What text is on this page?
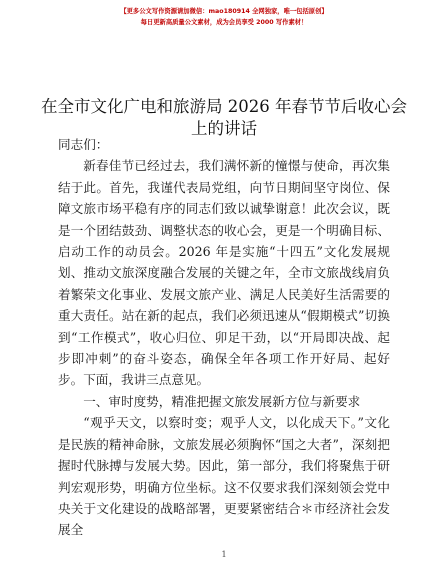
【更多公文写作资源请加微信：mao180914 全网独家，唯一包括原创】
每日更新高质量公文素材，成为会员享受 2000 写作素材！
在全市文化广电和旅游局 2026 年春节节后收心会上的讲话

同志们：

新春佳节已经过去，我们满怀新的憧憬与使命，再次集结于此。首先，我谨代表局党组，向节日期间坚守岗位、保障文旅市场平稳有序的同志们致以诚挚谢意！此次会议，既是一个团结鼓劲、调整状态的收心会，更是一个明确目标、启动工作的动员会。2026 年是实施“十四五”文化发展规划、推动文旅深度融合发展的关键之年，全市文旅战线肩负着繁荣文化事业、发展文旅产业、满足人民美好生活需要的重大责任。站在新的起点，我们必须迅速从“假期模式”切换到“工作模式”，收心归位、卯足干劲，以“开局即决战、起步即冲刺”的奋斗姿态，确保全年各项工作开好局、起好步。下面，我讲三点意见。

一、审时度势，精准把握文旅发展新方位与新要求

“观乎天文，以察时变；观乎人文，以化成天下。”文化是民族的精神命脉，文旅发展必须胸怀“国之大者”，深刻把握时代脉搏与发展大势。因此，第一部分，我们将聚焦于研判宏观形势，明确方位坐标。这不仅要求我们深刻领会党中央关于文化建设的战略部署，更要紧密结合＊市经济社会发展全

1
